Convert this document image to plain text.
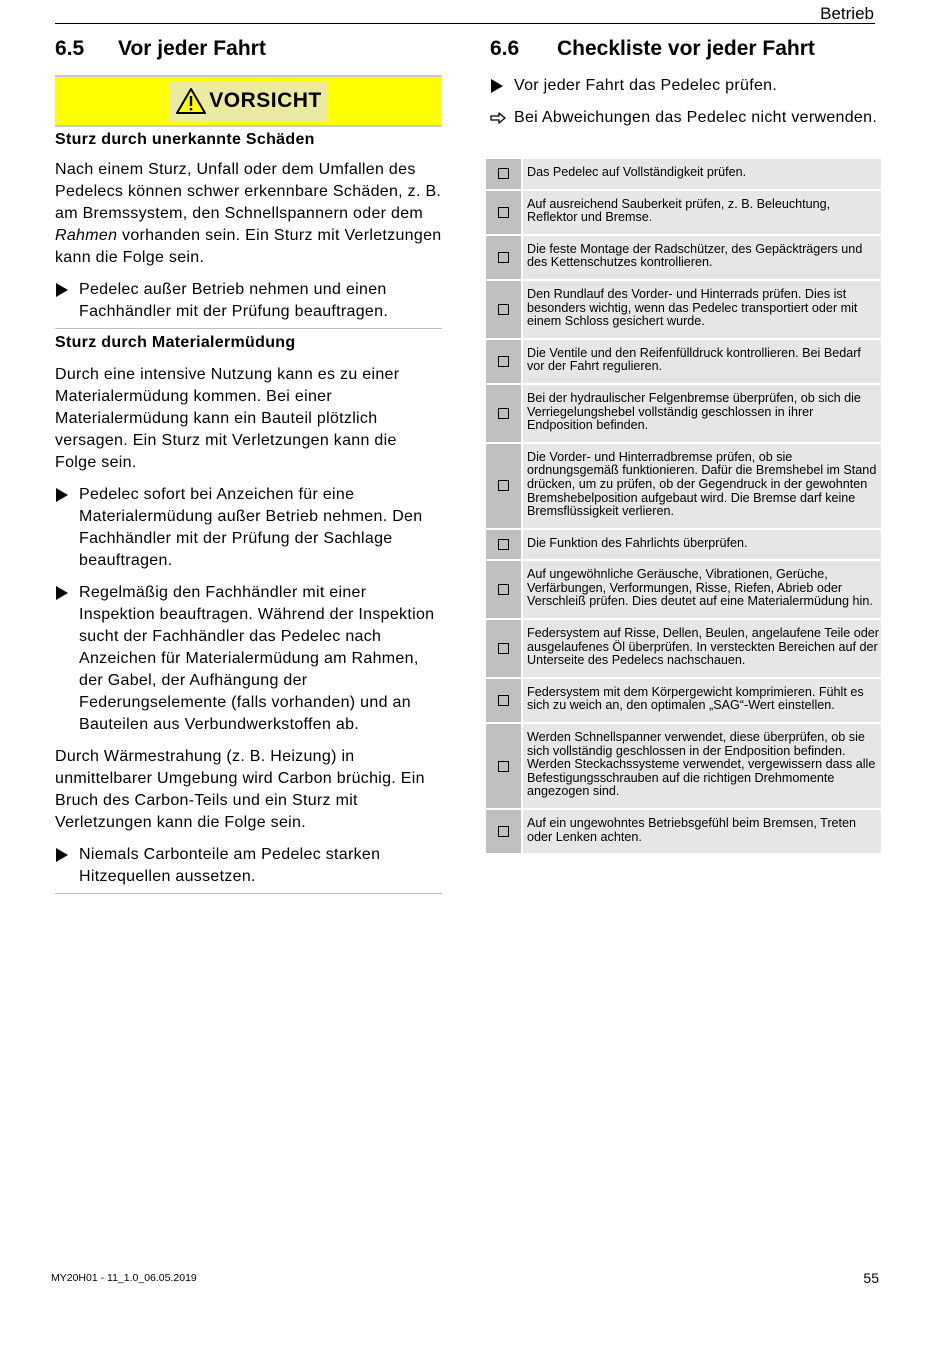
Betrieb
6.5	Vor jeder Fahrt
VORSICHT

Sturz durch unerkannte Schäden

Nach einem Sturz, Unfall oder dem Umfallen des Pedelecs können schwer erkennbare Schäden, z. B. am Bremssystem, den Schnellspannern oder dem Rahmen vorhanden sein. Ein Sturz mit Verletzungen kann die Folge sein.

Pedelec außer Betrieb nehmen und einen Fachhändler mit der Prüfung beauftragen.

Sturz durch Materialermüdung

Durch eine intensive Nutzung kann es zu einer Materialermüdung kommen. Bei einer Materialermüdung kann ein Bauteil plötzlich versagen. Ein Sturz mit Verletzungen kann die Folge sein.

Pedelec sofort bei Anzeichen für eine Materialermüdung außer Betrieb nehmen. Den Fachhändler mit der Prüfung der Sachlage beauftragen.
Regelmäßig den Fachhändler mit einer Inspektion beauftragen. Während der Inspektion sucht der Fachhändler das Pedelec nach Anzeichen für Materialermüdung am Rahmen, der Gabel, der Aufhängung der Federungselemente (falls vorhanden) und an Bauteilen aus Verbundwerkstoffen ab.

Durch Wärmestrahung (z. B. Heizung) in unmittelbarer Umgebung wird Carbon brüchig. Ein Bruch des Carbon-Teils und ein Sturz mit Verletzungen kann die Folge sein.

Niemals Carbonteile am Pedelec starken Hitzequellen aussetzen.
6.6	Checkliste vor jeder Fahrt
Vor jeder Fahrt das Pedelec prüfen.
Bei Abweichungen das Pedelec nicht verwenden.
Das Pedelec auf Vollständigkeit prüfen.
Auf ausreichend Sauberkeit prüfen, z. B. Beleuchtung, Reflektor und Bremse.
Die feste Montage der Radschützer, des Gepäckträgers und des Kettenschutzes kontrollieren.
Den Rundlauf des Vorder- und Hinterrads prüfen. Dies ist besonders wichtig, wenn das Pedelec transportiert oder mit einem Schloss gesichert wurde.
Die Ventile und den Reifenfülldruck kontrollieren. Bei Bedarf vor der Fahrt regulieren.
Bei der hydraulischer Felgenbremse überprüfen, ob sich die Verriegelungshebel vollständig geschlossen in ihrer Endposition befinden.
Die Vorder- und Hinterradbremse prüfen, ob sie ordnungsgemäß funktionieren. Dafür die Bremshebel im Stand drücken, um zu prüfen, ob der Gegendruck in der gewohnten Bremshebelposition aufgebaut wird. Die Bremse darf keine Bremsflüssigkeit verlieren.
Die Funktion des Fahrlichts überprüfen.
Auf ungewöhnliche Geräusche, Vibrationen, Gerüche, Verfärbungen, Verformungen, Risse, Riefen, Abrieb oder Verschleiß prüfen. Dies deutet auf eine Materialermüdung hin.
Federsystem auf Risse, Dellen, Beulen, angelaufene Teile oder ausgelaufenes Öl überprüfen. In versteckten Bereichen auf der Unterseite des Pedelecs nachschauen.
Federsystem mit dem Körpergewicht komprimieren. Fühlt es sich zu weich an, den optimalen „SAG“-Wert einstellen.
Werden Schnellspanner verwendet, diese überprüfen, ob sie sich vollständig geschlossen in der Endposition befinden. Werden Steckachssysteme verwendet, vergewissern dass alle Befestigungsschrauben auf die richtigen Drehmomente angezogen sind.
Auf ein ungewohntes Betriebsgefühl beim Bremsen, Treten oder Lenken achten.
MY20H01 - 11_1.0_06.05.2019	55
